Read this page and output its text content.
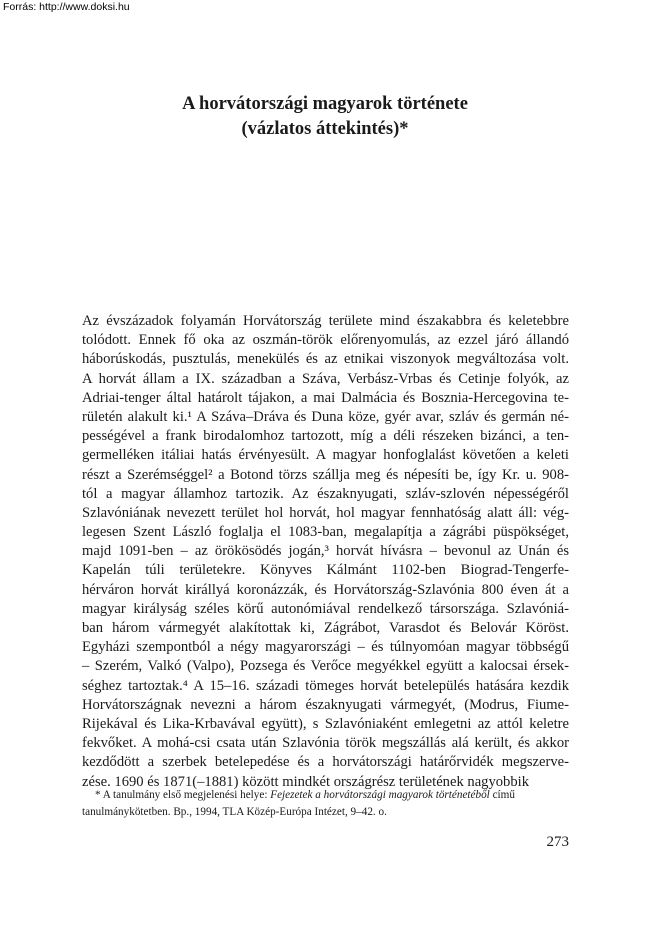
Forrás: http://www.doksi.hu
A horvátországi magyarok története
(vázlatos áttekintés)*
Az évszázadok folyamán Horvátország területe mind északabbra és keletebbre
tolódott. Ennek fő oka az oszmán-török előrenyomulás, az ezzel járó állandó
háborúskodás, pusztulás, menekülés és az etnikai viszonyok megváltozása volt.
A horvát állam a IX. században a Száva, Verbász-Vrbas és Cetinje folyók, az
Adriai-tenger által határolt tájakon, a mai Dalmácia és Bosznia-Hercegovina te-
rületén alakult ki.¹ A Száva–Dráva és Duna köze, gyér avar, szláv és germán né-
pességével a frank birodalomhoz tartozott, míg a déli részeken bizánci, a ten-
germelléken itáliai hatás érvényesült. A magyar honfoglalást követően a keleti
részt a Szerémséggel² a Botond törzs szállja meg és népesíti be, így Kr. u. 908-
tól a magyar államhoz tartozik. Az északnyugati, szláv-szlovén népességéről
Szlavóniának nevezett terület hol horvát, hol magyar fennhatóság alatt áll: vég-
legesen Szent László foglalja el 1083-ban, megalapítja a zágrábi püspökséget,
majd 1091-ben – az örökösödés jogán,³ horvát hívásra – bevonul az Unán és
Kapelán túli területekre. Könyves Kálmánt 1102-ben Biograd-Tengerfe-
hérváron horvát királlyá koronázzák, és Horvátország-Szlavónia 800 éven át a
magyar királyság széles körű autonómiával rendelkező társországa. Szlavóniá-
ban három vármegyét alakítottak ki, Zágrábot, Varasdot és Belovár Köröst.
Egyházi szempontból a négy magyarországi – és túlnyomóan magyar többségű
– Szerém, Valkó (Valpo), Pozsega és Verőce megyékkel együtt a kalocsai érsek-
séghez tartoztak.⁴ A 15–16. századi tömeges horvát betelepülés hatására kezdik
Horvátországnak nevezni a három északnyugati vármegyét, (Modrus, Fiume-
Rijekával és Lika-Krbavával együtt), s Szlavóniaként emlegetni az attól keletre
fekvőket. A mohá-csi csata után Szlavónia török megszállás alá került, és akkor
kezdődött a szerbek betelepedése és a horvátországi határőrvidék megszerve-
zése. 1690 és 1871(–1881) között mindkét országrész területének nagyobbik
* A tanulmány első megjelenési helye: Fejezetek a horvátországi magyarok történetéből című
tanulmánykötetben. Bp., 1994, TLA Közép-Európa Intézet, 9–42. o.
273
